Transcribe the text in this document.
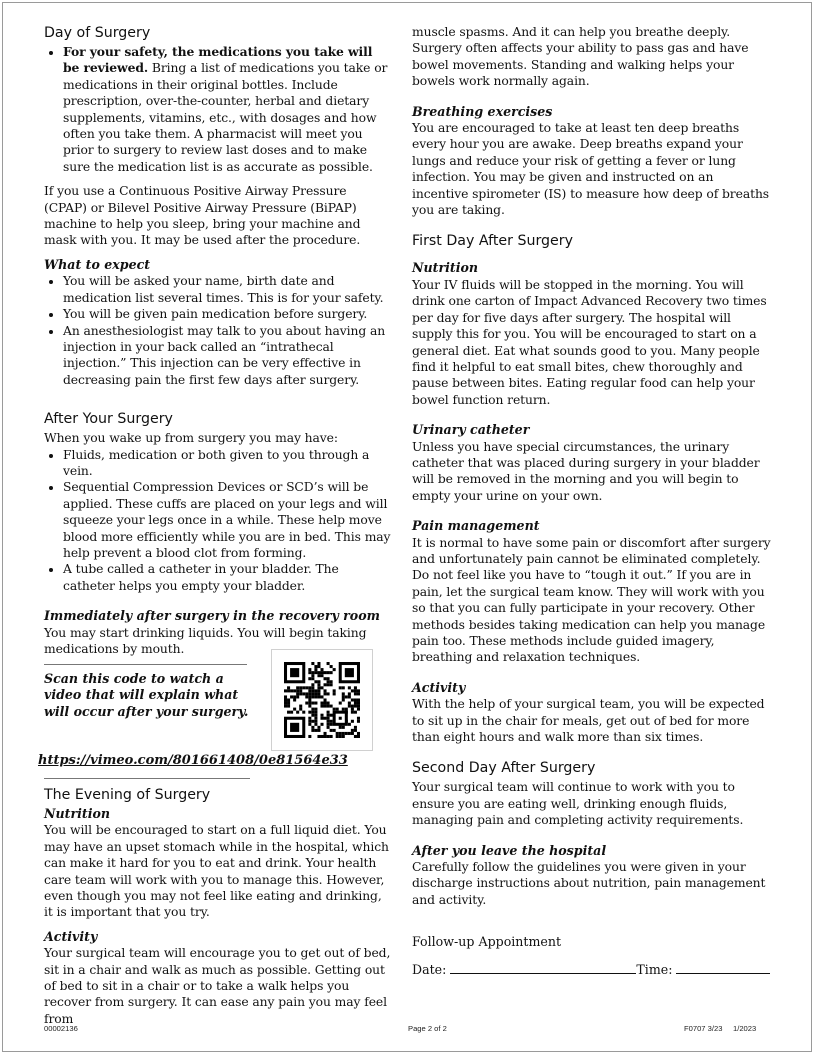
Day of Surgery
• For your safety, the medications you take will be reviewed. Bring a list of medications you take or medications in their original bottles. Include prescription, over-the-counter, herbal and dietary supplements, vitamins, etc., with dosages and how often you take them. A pharmacist will meet you prior to surgery to review last doses and to make sure the medication list is as accurate as possible.

If you use a Continuous Positive Airway Pressure (CPAP) or Bilevel Positive Airway Pressure (BiPAP) machine to help you sleep, bring your machine and mask with you. It may be used after the procedure.

What to expect
• You will be asked your name, birth date and medication list several times. This is for your safety.
• You will be given pain medication before surgery.
• An anesthesiologist may talk to you about having an injection in your back called an “intrathecal injection.” This injection can be very effective in decreasing pain the first few days after surgery.
After Your Surgery

When you wake up from surgery you may have:

• Fluids, medication or both given to you through a vein.
• Sequential Compression Devices or SCD’s will be applied. These cuffs are placed on your legs and will squeeze your legs once in a while. These help move blood more efficiently while you are in bed. This may help prevent a blood clot from forming.
• A tube called a catheter in your bladder. The catheter helps you empty your bladder.
Immediately after surgery in the recovery room

You may start drinking liquids. You will begin taking medications by mouth.

Scan this code to watch a video that will explain what will occur after your surgery.
https://vimeo.com/801661408/0e81564e33
The Evening of Surgery
Nutrition

You will be encouraged to start on a full liquid diet. You may have an upset stomach while in the hospital, which can make it hard for you to eat and drink. Your health care team will work with you to manage this. However, even though you may not feel like eating and drinking, it is important that you try.

Activity

Your surgical team will encourage you to get out of bed, sit in a chair and walk as much as possible. Getting out of bed to sit in a chair or to take a walk helps you recover from surgery. It can ease any pain you may feel from

muscle spasms. And it can help you breathe deeply. Surgery often affects your ability to pass gas and have bowel movements. Standing and walking helps your bowels work normally again.

Breathing exercises

You are encouraged to take at least ten deep breaths every hour you are awake. Deep breaths expand your lungs and reduce your risk of getting a fever or lung infection. You may be given and instructed on an incentive spirometer (IS) to measure how deep of breaths you are taking.

First Day After Surgery
Nutrition

Your IV fluids will be stopped in the morning. You will drink one carton of Impact Advanced Recovery two times per day for five days after surgery. The hospital will supply this for you. You will be encouraged to start on a general diet. Eat what sounds good to you. Many people find it helpful to eat small bites, chew thoroughly and pause between bites. Eating regular food can help your bowel function return.

Urinary catheter

Unless you have special circumstances, the urinary catheter that was placed during surgery in your bladder will be removed in the morning and you will begin to empty your urine on your own.

Pain management

It is normal to have some pain or discomfort after surgery and unfortunately pain cannot be eliminated completely. Do not feel like you have to “tough it out.” If you are in pain, let the surgical team know. They will work with you so that you can fully participate in your recovery. Other methods besides taking medication can help you manage pain too. These methods include guided imagery, breathing and relaxation techniques.

Activity

With the help of your surgical team, you will be expected to sit up in the chair for meals, get out of bed for more than eight hours and walk more than six times.

Second Day After Surgery

Your surgical team will continue to work with you to ensure you are eating well, drinking enough fluids, managing pain and completing activity requirements.

After you leave the hospital

Carefully follow the guidelines you were given in your discharge instructions about nutrition, pain management and activity.

Follow-up Appointment
Date:	Time:
00002136	Page 2 of 2	F0707 3/23 1/2023
